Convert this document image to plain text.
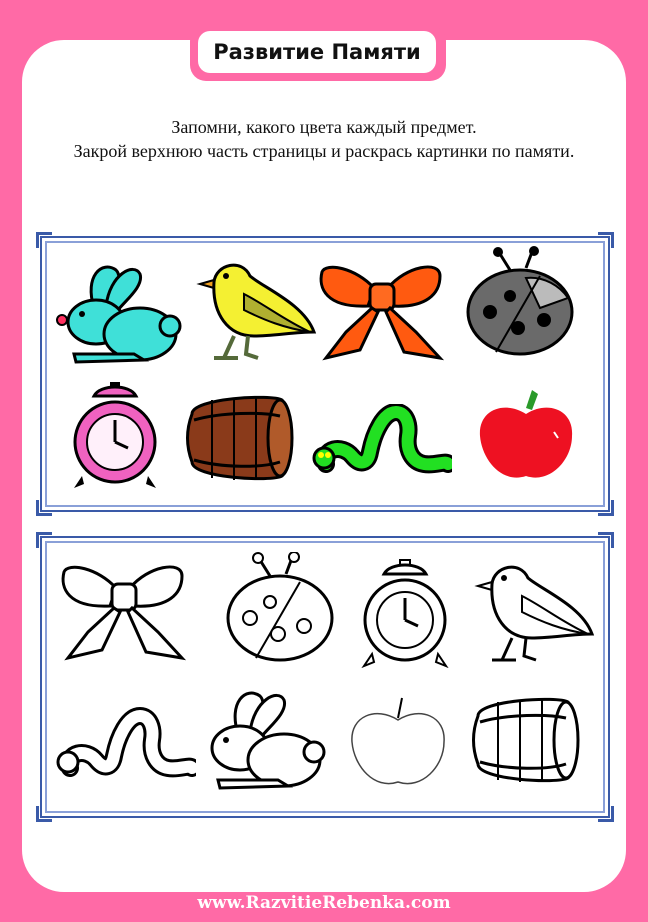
Развитие Памяти
Запомни, какого цвета каждый предмет.
Закрой верхнюю часть страницы и раскрась картинки по памяти.
www.RazvitieRebenka.com
